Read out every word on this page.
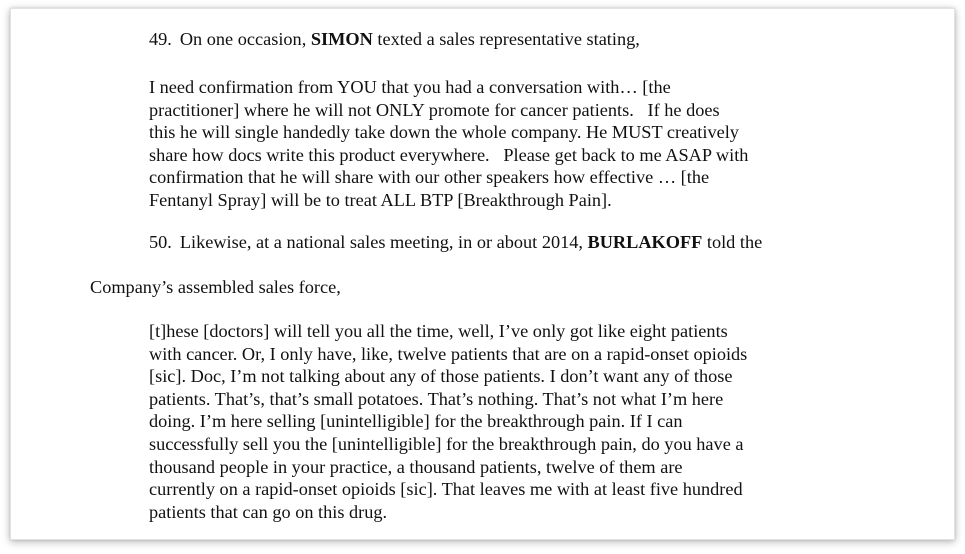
49. On one occasion, SIMON texted a sales representative stating,

I need confirmation from YOU that you had a conversation with… [the
practitioner] where he will not ONLY promote for cancer patients.   If he does
this he will single handedly take down the whole company. He MUST creatively
share how docs write this product everywhere.   Please get back to me ASAP with
confirmation that he will share with our other speakers how effective … [the
Fentanyl Spray] will be to treat ALL BTP [Breakthrough Pain].

50. Likewise, at a national sales meeting, in or about 2014, BURLAKOFF told the

Company’s assembled sales force,

[t]hese [doctors] will tell you all the time, well, I’ve only got like eight patients
with cancer. Or, I only have, like, twelve patients that are on a rapid-onset opioids
[sic]. Doc, I’m not talking about any of those patients. I don’t want any of those
patients. That’s, that’s small potatoes. That’s nothing. That’s not what I’m here
doing. I’m here selling [unintelligible] for the breakthrough pain. If I can
successfully sell you the [unintelligible] for the breakthrough pain, do you have a
thousand people in your practice, a thousand patients, twelve of them are
currently on a rapid-onset opioids [sic]. That leaves me with at least five hundred
patients that can go on this drug.
